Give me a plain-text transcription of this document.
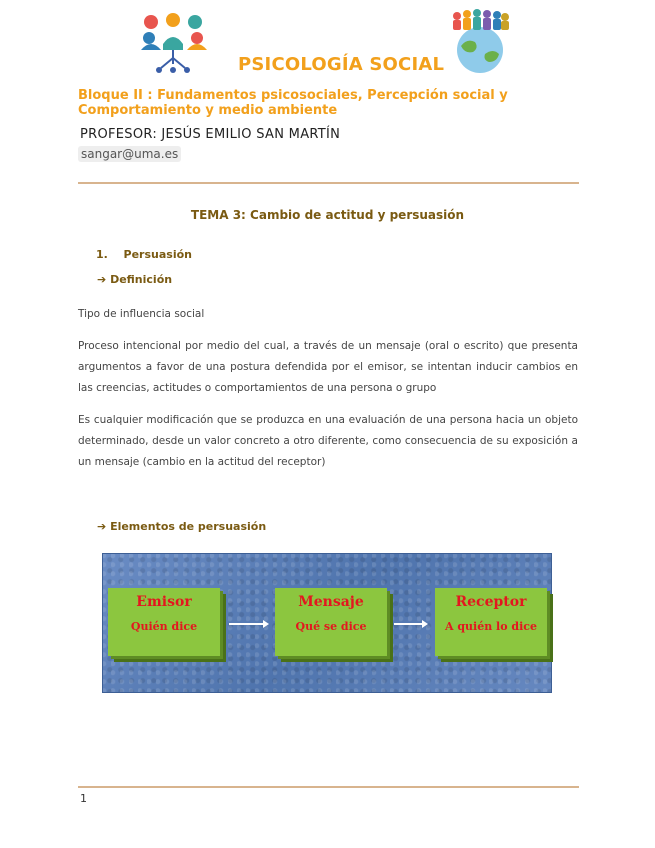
PSICOLOGÍA SOCIAL
Bloque II : Fundamentos psicosociales, Percepción social y Comportamiento y medio ambiente
PROFESOR: JESÚS EMILIO SAN MARTÍN
sangar@uma.es
TEMA 3: Cambio de actitud y persuasión
1. Persuasión
➔ Definición
Tipo de influencia social
Proceso intencional por medio del cual, a través de un mensaje (oral o escrito) que presenta argumentos a favor de una postura defendida por el emisor, se intentan inducir cambios en las creencias, actitudes o comportamientos de una persona o grupo
Es cualquier modificación que se produzca en una evaluación de una persona hacia un objeto determinado, desde un valor concreto a otro diferente, como consecuencia de su exposición a un mensaje (cambio en la actitud del receptor)
➔ Elementos de persuasión
Emisor
Quién dice
Mensaje
Qué se dice
Receptor
A quién lo dice
1
